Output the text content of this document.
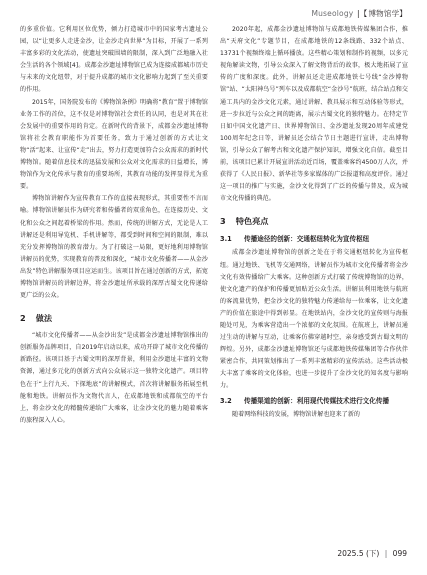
Museology |【博物馆学】

的多重价值。它利用区位优势，倾力打造城市中的国家考古遗址公园，以“让更多人走进金沙，让金沙走向世界”为目标，开展了一系列丰富多彩的文化活动，使遗址突破围墙的限制，深入到广泛地融入社会生活的各个领域[4]。成都金沙遗址博物馆已成为连接成都城市历史与未来的文化纽带，对于提升成都的城市文化影响力起到了至关重要的作用。

2015年，国务院发布的《博物馆条例》明确将“教育”置于博物馆业务工作的首位，这不仅是对博物馆社会责任的认同，也是对其在社会发展中的重要作用的肯定。在新时代的背景下，成都金沙遗址博物馆将社会教育职能作为首要任务，致力于通过创新的方式让文物“活”起来、让宣传“走”出去，努力打造更加符合公众需求的新时代博物馆。随着信息技术的迅猛发展和公众对文化需求的日益增长，博物馆作为文化传承与教育的重要场所，其教育功能的发挥显得尤为重要。

博物馆讲解作为宣传教育工作的直接表现形式，其重要性不言而喻。博物馆讲解员作为研究者和传播者的双重角色，在连接历史、文化和公众之间起着桥梁的作用。然而，传统的讲解方式，无论是人工讲解还是利用导览机、手机讲解等，都受到时间和空间的限制，难以充分发挥博物馆的教育潜力。为了打破这一局限，更好地利用博物馆讲解员的优势，实现教育的普及和深化，“城市文化传播者——从金沙出发”特色讲解服务项目应运而生。该项目旨在通过创新的方式，拓宽博物馆讲解员的讲解边界，将金沙遗址所承载的深厚古蜀文化传递给更广泛的公众。

2 做法

“城市文化传播者——从金沙出发”是成都金沙遗址博物馆推出的创新服务品牌项目，自2019年启动以来，成功开辟了城市文化传播的新路径。该项目基于古蜀文明的深厚背景，利用金沙遗址丰富的文物资源，通过多元化的创新方式向公众展示这一独特文化遗产。项目特色在于“上行九天、下探地底”的讲解模式，首次将讲解服务拓展至机舱和地铁。讲解员作为文物代言人，在成都地铁和成都航空的平台上，将金沙文化的精髓传递给广大乘客，让金沙文化的魅力随着乘客的旅程深入人心。

2020年起，成都金沙遗址博物馆与成都地铁传媒集团合作，推出“天府文化”专题节目，在成都地铁的12条线路、332个站点、13731个视频终端上循环播放。这些精心策划和制作的视频，以多元视角解读文物，引导公众深入了解文物背后的故事，极大地拓展了宣传的广度和深度。此外，讲解员还走进成都地铁七号线“金沙博物馆”站、“太阳神鸟号”列车以及成都航空“金沙号”航班，结合站点和交通工具内的金沙文化元素，通过讲解、教具展示和互动体验等形式，进一步拉近与公众之间的距离，展示古蜀文化的独特魅力。在特定节日如中国文化遗产日、世界博物馆日、金沙遗址发现20周年成建党100周年纪念日等，讲解员还会结合节日主题进行宣讲，走出博物馆，引导公众了解考古和文化遗产保护知识，增强文化自信。截至目前，该项目已累计开展宣讲活动近百场，覆盖乘客约4500万人次，并获得了《人民日报》、新华社等多家媒体的广泛报道和高度评价。通过这一项目的推广与实施，金沙文化得到了广泛的传播与普及，成为城市文化传播的典范。

3 特色亮点
3.1	传播途径的创新：交通枢纽转化为宣传枢纽

成都金沙遗址博物馆的创新之处在于将交通枢纽转化为宣传枢纽。通过地铁、飞机等交通网络，讲解员作为城市文化传播者将金沙文化有效传播给广大乘客。这种创新方式打破了传统博物馆的边界，使文化遗产的保护和传播更加贴近公众生活。讲解员利用地铁与航班的客流量优势，把金沙文化的独特魅力传递给每一位乘客，让文化遗产的价值在旅途中得到彰显。在地铁站内，金沙文化的宣传则与海报随处可见，为乘客营造出一个浓郁的文化氛围。在航班上，讲解员通过生动的讲解与互动，让乘客仿佛穿越时空，亲身感受到古蜀文明的辉煌。另外，成都金沙遗址博物馆还与成都地铁传媒集团等合作伙伴紧密合作，共同策划推出了一系列丰富精彩的宣传活动。这些活动极大丰富了乘客的文化体验，也进一步提升了金沙文化的知名度与影响力。

3.2	传播渠道的创新：利用现代传媒技术进行文化传播

随着网络科技的发展，博物馆讲解也迎来了新的

2025.5 (下) | 099
